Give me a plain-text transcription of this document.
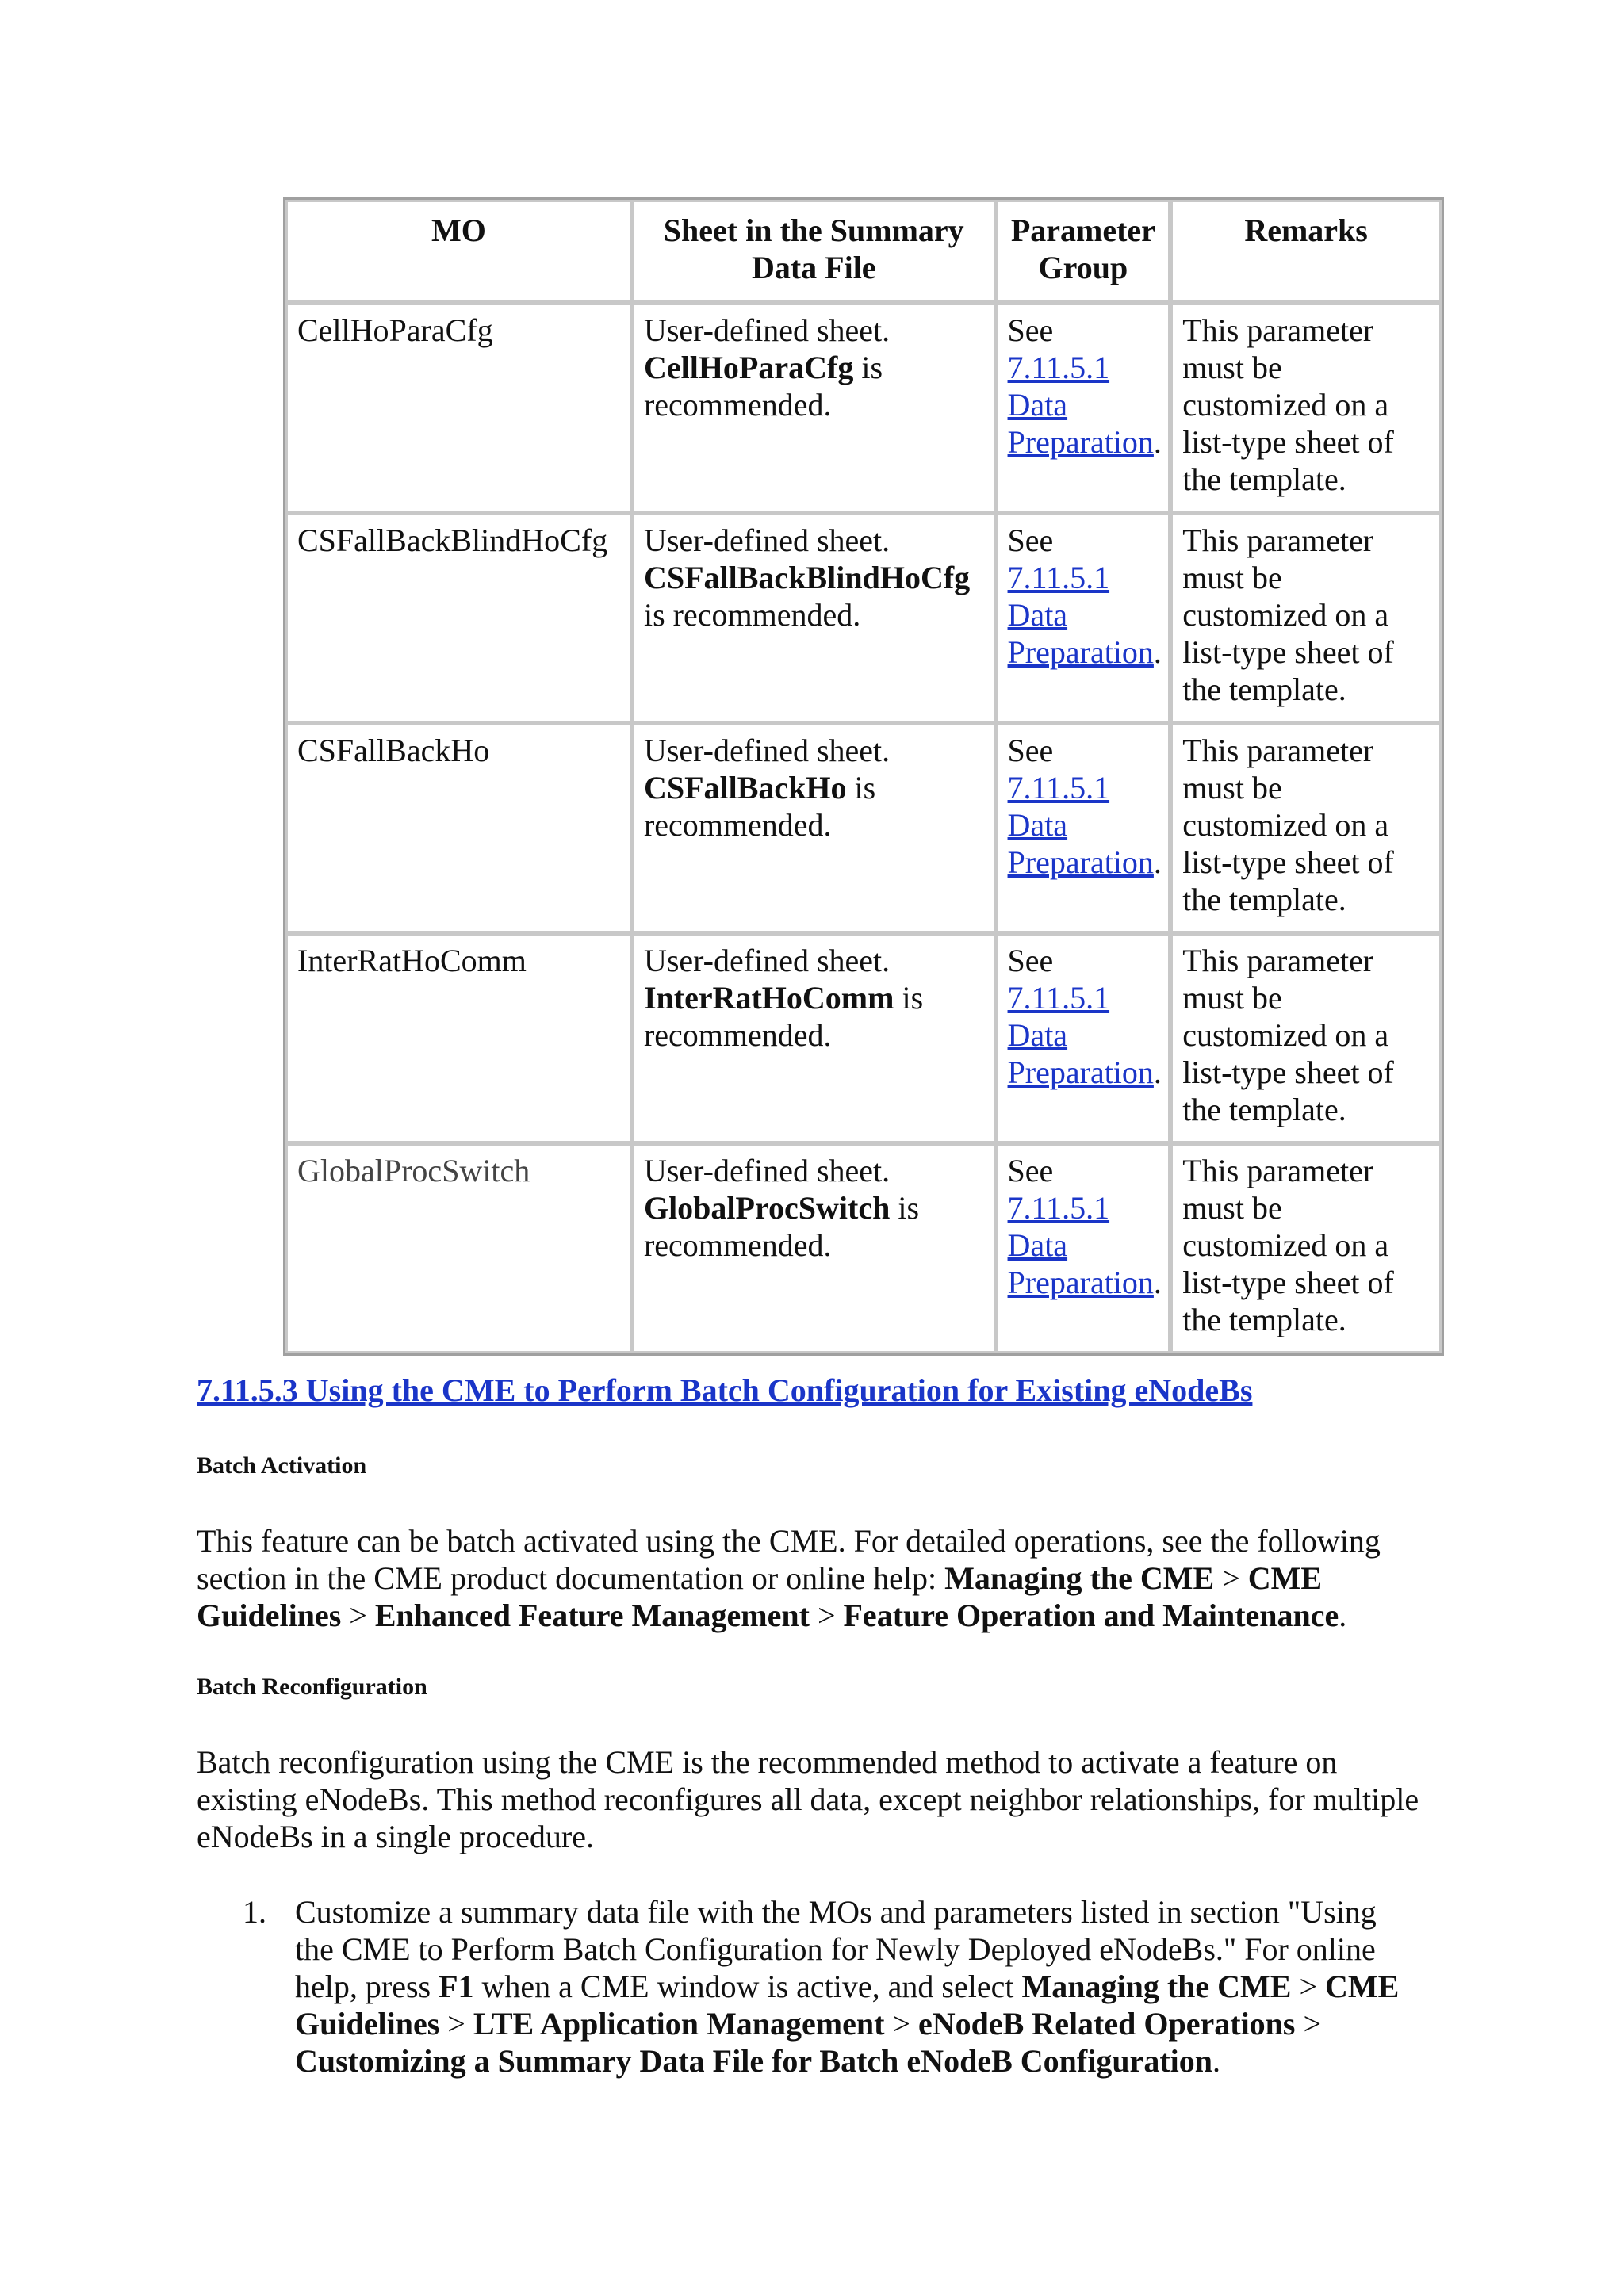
MO	Sheet in the Summary Data File	Parameter Group	Remarks
CellHoParaCfg	User-defined sheet. CellHoParaCfg is recommended.	See 7.11.5.1 Data Preparation.	This parameter must be customized on a list-type sheet of the template.
CSFallBackBlindHoCfg	User-defined sheet. CSFallBackBlindHoCfg is recommended.	See 7.11.5.1 Data Preparation.	This parameter must be customized on a list-type sheet of the template.
CSFallBackHo	User-defined sheet. CSFallBackHo is recommended.	See 7.11.5.1 Data Preparation.	This parameter must be customized on a list-type sheet of the template.
InterRatHoComm	User-defined sheet. InterRatHoComm is recommended.	See 7.11.5.1 Data Preparation.	This parameter must be customized on a list-type sheet of the template.
GlobalProcSwitch	User-defined sheet. GlobalProcSwitch is recommended.	See 7.11.5.1 Data Preparation.	This parameter must be customized on a list-type sheet of the template.
7.11.5.3 Using the CME to Perform Batch Configuration for Existing eNodeBs
Batch Activation
This feature can be batch activated using the CME. For detailed operations, see the following section in the CME product documentation or online help: Managing the CME > CME Guidelines > Enhanced Feature Management > Feature Operation and Maintenance.
Batch Reconfiguration
Batch reconfiguration using the CME is the recommended method to activate a feature on existing eNodeBs. This method reconfigures all data, except neighbor relationships, for multiple eNodeBs in a single procedure.
1. Customize a summary data file with the MOs and parameters listed in section "Using the CME to Perform Batch Configuration for Newly Deployed eNodeBs." For online help, press F1 when a CME window is active, and select Managing the CME > CME Guidelines > LTE Application Management > eNodeB Related Operations > Customizing a Summary Data File for Batch eNodeB Configuration.
